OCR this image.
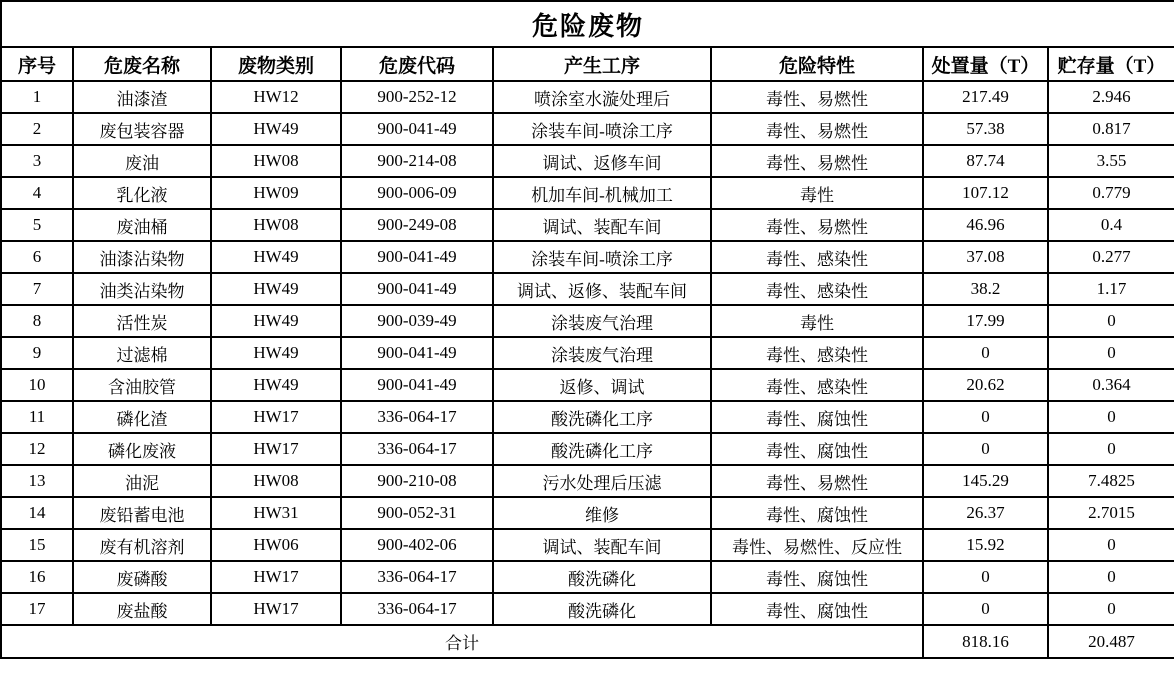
危险废物							
序号	危废名称	废物类别	危废代码	产生工序	危险特性	处置量（T）	贮存量（T）
1	油漆渣	HW12	900-252-12	喷涂室水漩处理后	毒性、易燃性	217.49	2.946
2	废包装容器	HW49	900-041-49	涂装车间-喷涂工序	毒性、易燃性	57.38	0.817
3	废油	HW08	900-214-08	调试、返修车间	毒性、易燃性	87.74	3.55
4	乳化液	HW09	900-006-09	机加车间-机械加工	毒性	107.12	0.779
5	废油桶	HW08	900-249-08	调试、装配车间	毒性、易燃性	46.96	0.4
6	油漆沾染物	HW49	900-041-49	涂装车间-喷涂工序	毒性、感染性	37.08	0.277
7	油类沾染物	HW49	900-041-49	调试、返修、装配车间	毒性、感染性	38.2	1.17
8	活性炭	HW49	900-039-49	涂装废气治理	毒性	17.99	0
9	过滤棉	HW49	900-041-49	涂装废气治理	毒性、感染性	0	0
10	含油胶管	HW49	900-041-49	返修、调试	毒性、感染性	20.62	0.364
11	磷化渣	HW17	336-064-17	酸洗磷化工序	毒性、腐蚀性	0	0
12	磷化废液	HW17	336-064-17	酸洗磷化工序	毒性、腐蚀性	0	0
13	油泥	HW08	900-210-08	污水处理后压滤	毒性、易燃性	145.29	7.4825
14	废铅蓄电池	HW31	900-052-31	维修	毒性、腐蚀性	26.37	2.7015
15	废有机溶剂	HW06	900-402-06	调试、装配车间	毒性、易燃性、反应性	15.92	0
16	废磷酸	HW17	336-064-17	酸洗磷化	毒性、腐蚀性	0	0
17	废盐酸	HW17	336-064-17	酸洗磷化	毒性、腐蚀性	0	0
合计						818.16	20.487
